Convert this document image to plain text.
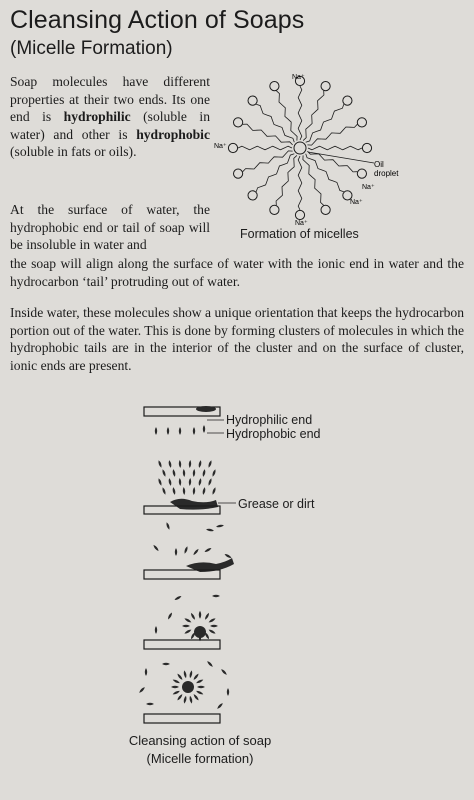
Cleansing Action of Soaps
(Micelle Formation)
Soap molecules have different properties at their two ends. Its one end is hydrophilic (soluble in water) and other is hydrophobic (soluble in fats or oils).
At the surface of water, the hydrophobic end or tail of soap will be insoluble in water and
the soap will align along the surface of water with the ionic end in water and the hydrocarbon ‘tail’ protruding out of water.
Inside water, these molecules show a unique orientation that keeps the hydrocarbon portion out of the water. This is done by forming clusters of molecules in which the hydrophobic tails are in the interior of the cluster and on the surface of cluster, ionic ends are present.
Oil
droplet
Na⁺
Na⁺
Na⁺
Na⁺
Na⁺
Formation of micelles
Hydrophilic end
Hydrophobic end
Grease or dirt
Cleansing action of soap
(Micelle formation)
